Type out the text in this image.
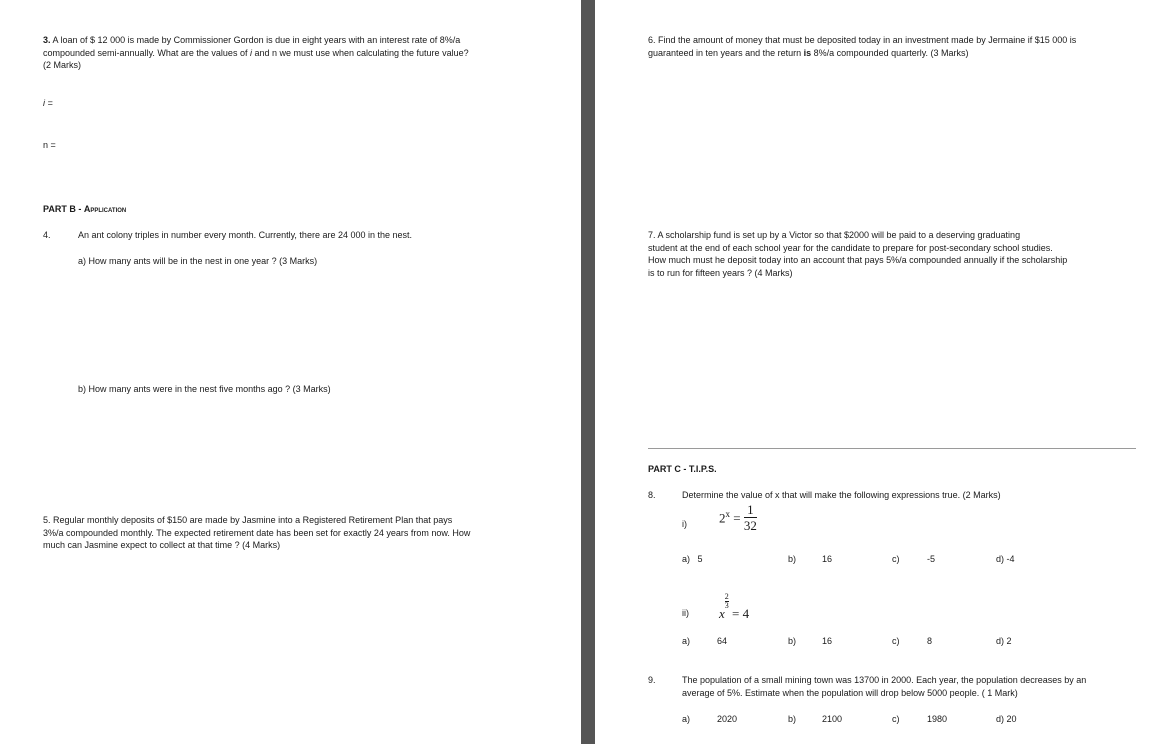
3. A loan of $ 12 000 is made by Commissioner Gordon is due in eight years with an interest rate of 8%/a
compounded semi-annually. What are the values of i and n we must use when calculating the future value?
(2 Marks)
i =
n =
PART B - Application
4.	An ant colony triples in number every month. Currently, there are 24 000 in the nest.
a) How many ants will be in the nest in one year ? (3 Marks)
b) How many ants were in the nest five months ago ? (3 Marks)
5. Regular monthly deposits of $150 are made by Jasmine into a Registered Retirement Plan that pays
3%/a compounded monthly. The expected retirement date has been set for exactly 24 years from now. How
much can Jasmine expect to collect at that time ? (4 Marks)
6. Find the amount of money that must be deposited today in an investment made by Jermaine if $15 000 is
guaranteed in ten years and the return is 8%/a compounded quarterly. (3 Marks)
7. A scholarship fund is set up by a Victor so that $2000 will be paid to a deserving graduating
student at the end of each school year for the candidate to prepare for post-secondary school studies.
How much must he deposit today into an account that pays 5%/a compounded annually if the scholarship
is to run for fifteen years ? (4 Marks)
PART C - T.I.P.S.
8.	Determine the value of x that will make the following expressions true. (2 Marks)
i) $2^x = \frac{1}{32}$
a) 5	b)	16	c)	-5	d) -4
ii) x
$\frac{2}{3}$
= 4
a)	64	b)	16	c)	8	d) 2
9.	The population of a small mining town was 13700 in 2000. Each year, the population decreases by an
average of 5%. Estimate when the population will drop below 5000 people. ( 1 Mark)
a)	2020	b)	2100	c)	1980	d) 20
